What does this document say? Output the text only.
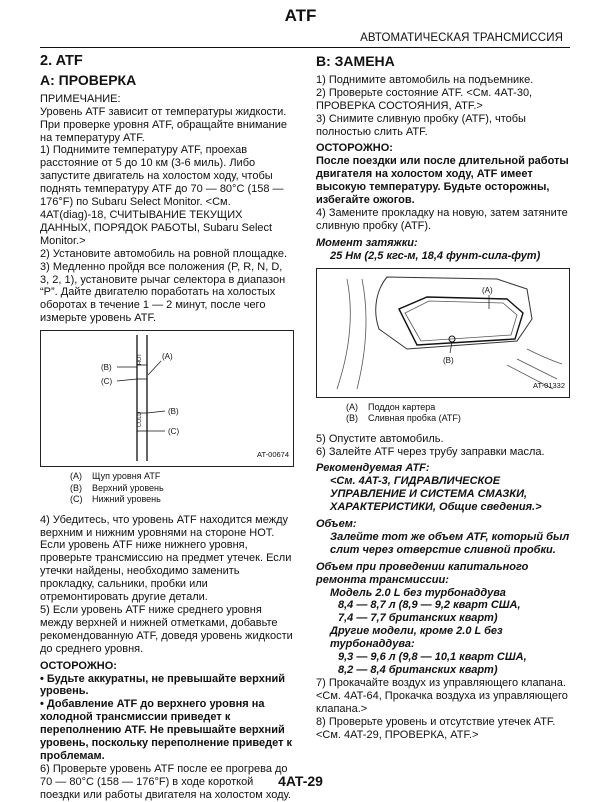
ATF
АВТОМАТИЧЕСКАЯ ТРАНСМИССИЯ
2. ATF
A: ПРОВЕРКА

ПРИМЕЧАНИЕ:

Уровень ATF зависит от температуры жидкости. При проверке уровня ATF, обращайте внимание на температуру ATF.

1) Поднимите температуру ATF, проехав расстояние от 5 до 10 км (3-6 миль). Либо запустите двигатель на холостом ходу, чтобы поднять температуру ATF до 70 — 80°C (158 — 176°F) по Subaru Select Monitor. <См. 4AT(diag)-18, СЧИТЫВАНИЕ ТЕКУЩИХ ДАННЫХ, ПОРЯДОК РАБОТЫ, Subaru Select Monitor.>

2) Установите автомобиль на ровной площадке.

3) Медленно пройдя все положения (P, R, N, D, 3, 2, 1), установите рычаг селектора в диапазон “P”. Дайте двигателю поработать на холостых оборотах в течение 1 — 2 минут, после чего измерьте уровень ATF.

(A)
(B)
(C)
(B)
(C)
HOT
COLD
AT-00674
(A) Щуп уровня ATF
(B) Верхний уровень
(C) Нижний уровень

4) Убедитесь, что уровень ATF находится между верхним и нижним уровнями на стороне HOT. Если уровень ATF ниже нижнего уровня, проверьте трансмиссию на предмет утечек. Если утечки найдены, необходимо заменить прокладку, сальники, пробки или отремонтировать другие детали.

5) Если уровень ATF ниже среднего уровня между верхней и нижней отметками, добавьте рекомендованную ATF, доведя уровень жидкости до среднего уровня.

ОСТОРОЖНО:

• Будьте аккуратны, не превышайте верхний уровень.

• Добавление ATF до верхнего уровня на холодной трансмиссии приведет к переполнению ATF. Не превышайте верхний уровень, поскольку переполнение приведет к проблемам.

6) Проверьте уровень ATF после ее прогрева до 70 — 80°C (158 — 176°F) в ходе короткой поездки или работы двигателя на холостом ходу.

B: ЗАМЕНА

1) Поднимите автомобиль на подъемнике.

2) Проверьте состояние ATF. <См. 4AT-30, ПРОВЕРКА СОСТОЯНИЯ, ATF.>

3) Снимите сливную пробку (ATF), чтобы полностью слить ATF.

ОСТОРОЖНО:

После поездки или после длительной работы двигателя на холостом ходу, ATF имеет высокую температуру. Будьте осторожны, избегайте ожогов.

4) Замените прокладку на новую, затем затяните сливную пробку (ATF).

Момент затяжки:

25 Нм (2,5 кгс-м, 18,4 фунт-сила-фут)

(A)
(B)
AT-01332
(A) Поддон картера
(B) Сливная пробка (ATF)

5) Опустите автомобиль.

6) Залейте ATF через трубу заправки масла.

Рекомендуемая ATF:

<См. 4AT-3, ГИДРАВЛИЧЕСКОЕ УПРАВЛЕНИЕ И СИСТЕМА СМАЗКИ, ХАРАКТЕРИСТИКИ, Общие сведения.>

Объем:

Залейте тот же объем ATF, который был слит через отверстие сливной пробки.

Объем при проведении капитального ремонта трансмиссии:

Модель 2.0 L без турбонаддува

8,4 — 8,7 л (8,9 — 9,2 кварт США,

7,4 — 7,7 британских кварт)

Другие модели, кроме 2.0 L без турбонаддува:

9,3 — 9,6 л (9,8 — 10,1 кварт США,

8,2 — 8,4 британских кварт)

7) Прокачайте воздух из управляющего клапана. <См. 4AT-64, Прокачка воздуха из управляющего клапана.>

8) Проверьте уровень и отсутствие утечек ATF. <См. 4AT-29, ПРОВЕРКА, ATF.>

4AT-29
